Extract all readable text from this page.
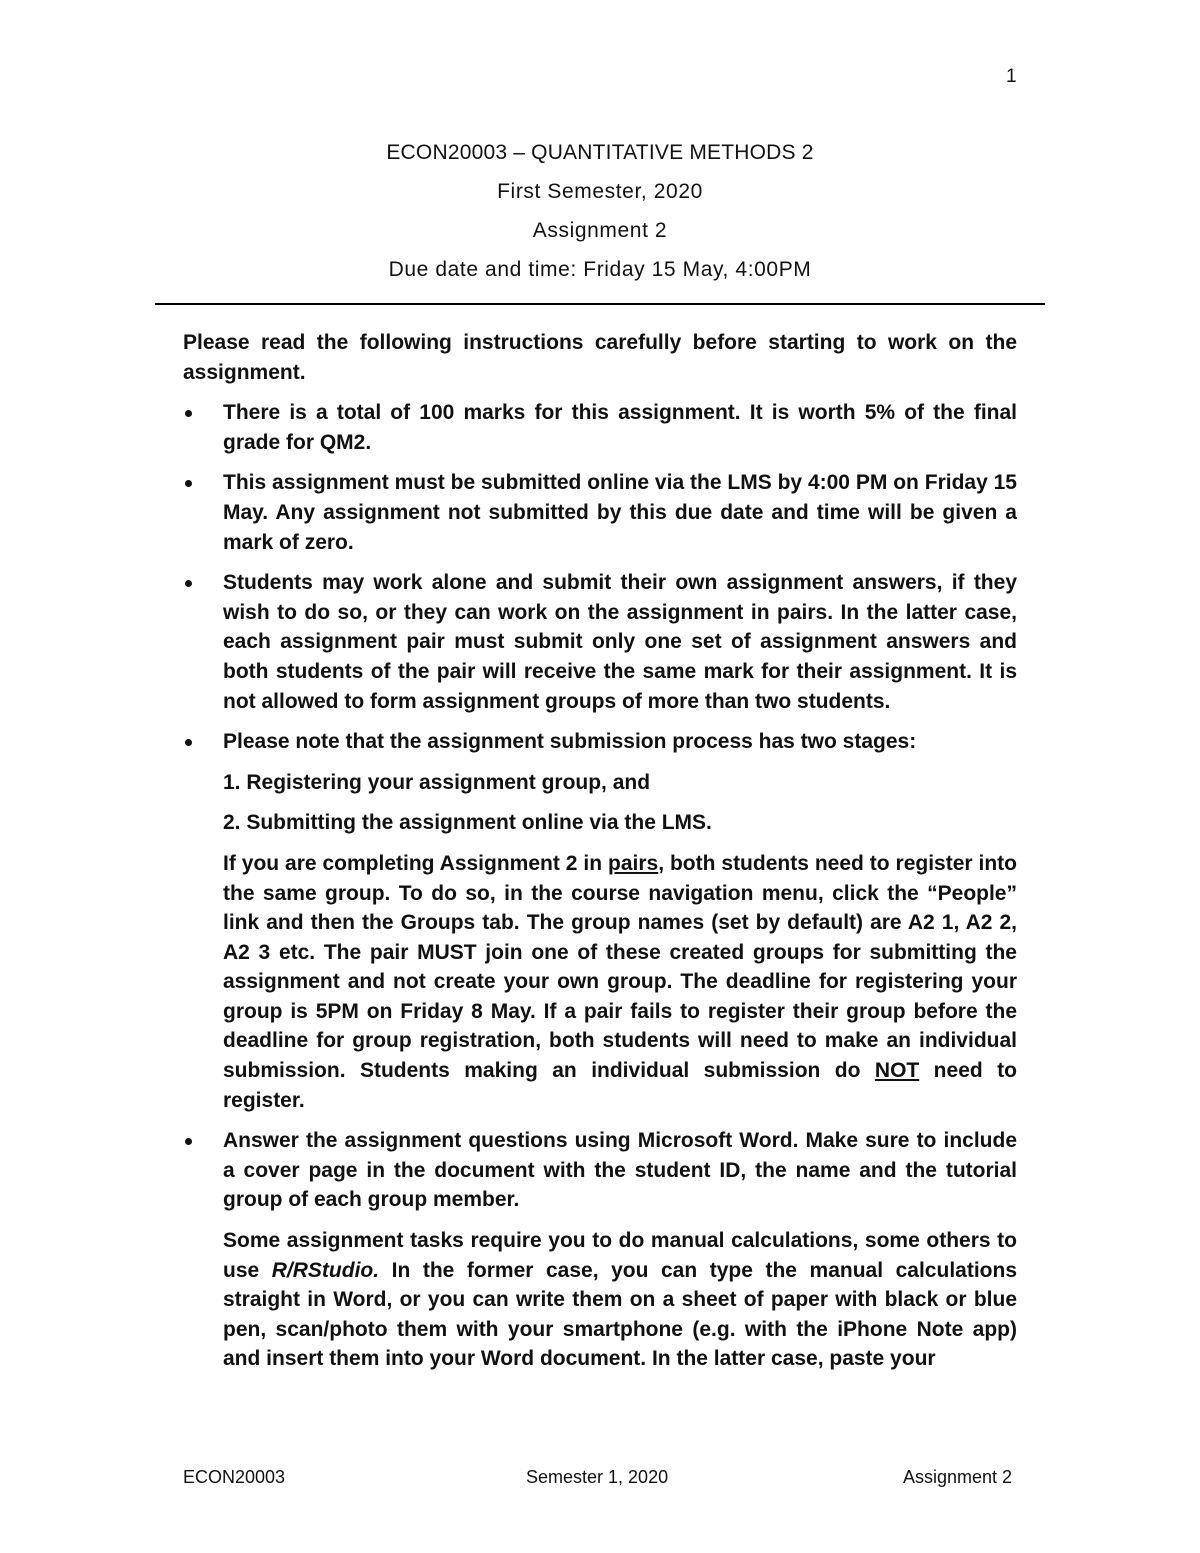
1
ECON20003 – QUANTITATIVE METHODS 2
First Semester, 2020
Assignment 2
Due date and time: Friday 15 May, 4:00PM

Please read the following instructions carefully before starting to work on the assignment.

There is a total of 100 marks for this assignment. It is worth 5% of the final grade for QM2.
This assignment must be submitted online via the LMS by 4:00 PM on Friday 15 May. Any assignment not submitted by this due date and time will be given a mark of zero.
Students may work alone and submit their own assignment answers, if they wish to do so, or they can work on the assignment in pairs. In the latter case, each assignment pair must submit only one set of assignment answers and both students of the pair will receive the same mark for their assignment. It is not allowed to form assignment groups of more than two students.
Please note that the assignment submission process has two stages:
1. Registering your assignment group, and
2. Submitting the assignment online via the LMS.
If you are completing Assignment 2 in pairs, both students need to register into the same group. To do so, in the course navigation menu, click the “People” link and then the Groups tab. The group names (set by default) are A2 1, A2 2, A2 3 etc. The pair MUST join one of these created groups for submitting the assignment and not create your own group. The deadline for registering your group is 5PM on Friday 8 May. If a pair fails to register their group before the deadline for group registration, both students will need to make an individual submission. Students making an individual submission do NOT need to register.
Answer the assignment questions using Microsoft Word. Make sure to include a cover page in the document with the student ID, the name and the tutorial group of each group member.
Some assignment tasks require you to do manual calculations, some others to use R/RStudio. In the former case, you can type the manual calculations straight in Word, or you can write them on a sheet of paper with black or blue pen, scan/photo them with your smartphone (e.g. with the iPhone Note app) and insert them into your Word document. In the latter case, paste your
ECON20003	Semester 1, 2020	Assignment 2
